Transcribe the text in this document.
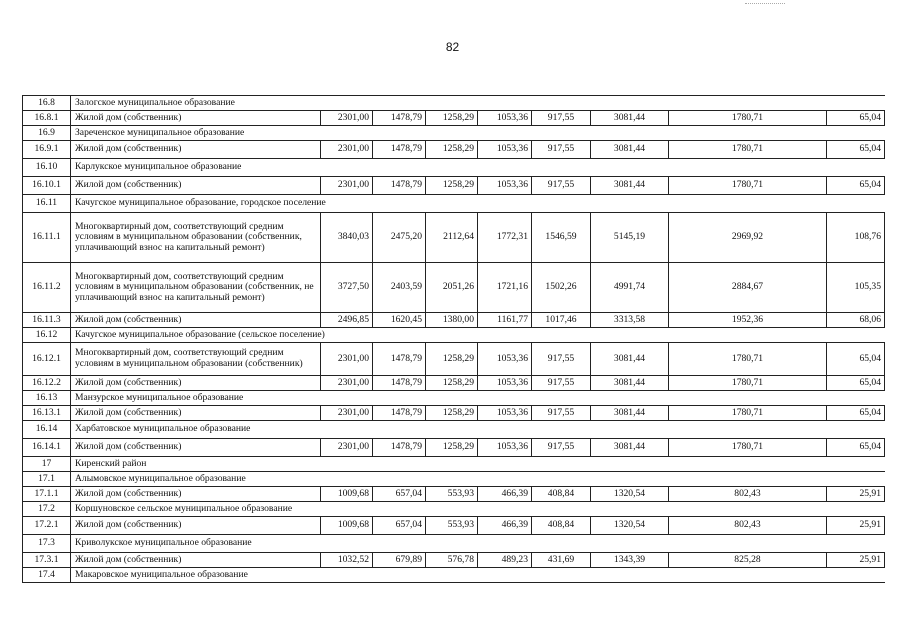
82
16.8	Залогское муниципальное образование								
16.8.1	Жилой дом (собственник)	2301,00	1478,79	1258,29	1053,36	917,55	3081,44	1780,71	65,04
16.9	Зареченское муниципальное образование								
16.9.1	Жилой дом (собственник)	2301,00	1478,79	1258,29	1053,36	917,55	3081,44	1780,71	65,04
16.10	Карлукское муниципальное образование								
16.10.1	Жилой дом (собственник)	2301,00	1478,79	1258,29	1053,36	917,55	3081,44	1780,71	65,04
16.11	Качугское муниципальное образование, городское поселение								
16.11.1	Многоквартирный дом, соответствующий средним условиям в муниципальном образовании (собственник, уплачивающий взнос на капитальный ремонт)	3840,03	2475,20	2112,64	1772,31	1546,59	5145,19	2969,92	108,76
16.11.2	Многоквартирный дом, соответствующий средним условиям в муниципальном образовании (собственник, не уплачивающий взнос на капитальный ремонт)	3727,50	2403,59	2051,26	1721,16	1502,26	4991,74	2884,67	105,35
16.11.3	Жилой дом (собственник)	2496,85	1620,45	1380,00	1161,77	1017,46	3313,58	1952,36	68,06
16.12	Качугское муниципальное образование (сельское поселение)								
16.12.1	Многоквартирный дом, соответствующий средним условиям в муниципальном образовании (собственник)	2301,00	1478,79	1258,29	1053,36	917,55	3081,44	1780,71	65,04
16.12.2	Жилой дом (собственник)	2301,00	1478,79	1258,29	1053,36	917,55	3081,44	1780,71	65,04
16.13	Манзурское муниципальное образование								
16.13.1	Жилой дом (собственник)	2301,00	1478,79	1258,29	1053,36	917,55	3081,44	1780,71	65,04
16.14	Харбатовское муниципальное образование								
16.14.1	Жилой дом (собственник)	2301,00	1478,79	1258,29	1053,36	917,55	3081,44	1780,71	65,04
17	Киренский район								
17.1	Алымовское муниципальное образование								
17.1.1	Жилой дом (собственник)	1009,68	657,04	553,93	466,39	408,84	1320,54	802,43	25,91
17.2	Коршуновское сельское муниципальное образование								
17.2.1	Жилой дом (собственник)	1009,68	657,04	553,93	466,39	408,84	1320,54	802,43	25,91
17.3	Криволукское муниципальное образование								
17.3.1	Жилой дом (собственник)	1032,52	679,89	576,78	489,23	431,69	1343,39	825,28	25,91
17.4	Макаровское муниципальное образование								
